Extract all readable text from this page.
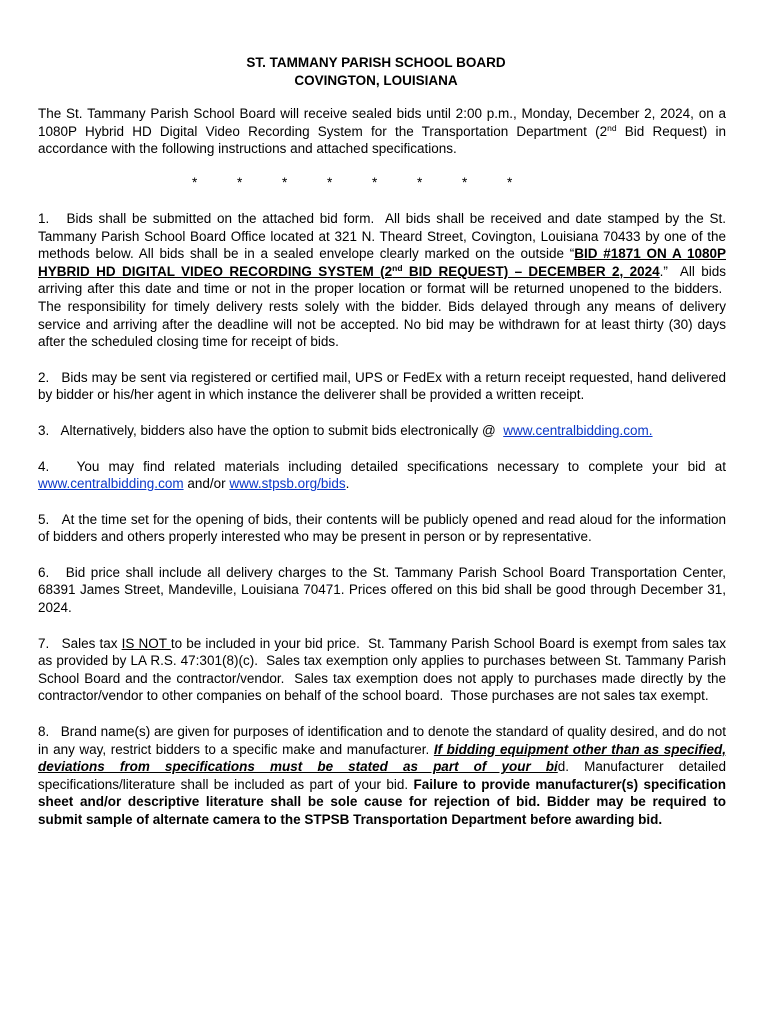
ST. TAMMANY PARISH SCHOOL BOARD
COVINGTON, LOUISIANA

The St. Tammany Parish School Board will receive sealed bids until 2:00 p.m., Monday, December 2, 2024, on a 1080P Hybrid HD Digital Video Recording System for the Transportation Department (2nd Bid Request) in accordance with the following instructions and attached specifications.

*	*	*	*	*	*	*	*

1.   Bids shall be submitted on the attached bid form.  All bids shall be received and date stamped by the St. Tammany Parish School Board Office located at 321 N. Theard Street, Covington, Louisiana 70433 by one of the methods below. All bids shall be in a sealed envelope clearly marked on the outside “BID #1871 ON A 1080P HYBRID HD DIGITAL VIDEO RECORDING SYSTEM (2nd BID REQUEST) – DECEMBER 2, 2024.”  All bids arriving after this date and time or not in the proper location or format will be returned unopened to the bidders.  The responsibility for timely delivery rests solely with the bidder. Bids delayed through any means of delivery service and arriving after the deadline will not be accepted. No bid may be withdrawn for at least thirty (30) days after the scheduled closing time for receipt of bids.

2.   Bids may be sent via registered or certified mail, UPS or FedEx with a return receipt requested, hand delivered by bidder or his/her agent in which instance the deliverer shall be provided a written receipt.

3.   Alternatively, bidders also have the option to submit bids electronically @  www.centralbidding.com.

4.   You may find related materials including detailed specifications necessary to complete your bid at www.centralbidding.com and/or www.stpsb.org/bids.

5.   At the time set for the opening of bids, their contents will be publicly opened and read aloud for the information of bidders and others properly interested who may be present in person or by representative.

6.   Bid price shall include all delivery charges to the St. Tammany Parish School Board Transportation Center, 68391 James Street, Mandeville, Louisiana 70471. Prices offered on this bid shall be good through December 31, 2024.

7.   Sales tax IS NOT to be included in your bid price.  St. Tammany Parish School Board is exempt from sales tax as provided by LA R.S. 47:301(8)(c).  Sales tax exemption only applies to purchases between St. Tammany Parish School Board and the contractor/vendor.  Sales tax exemption does not apply to purchases made directly by the contractor/vendor to other companies on behalf of the school board.  Those purchases are not sales tax exempt.

8.   Brand name(s) are given for purposes of identification and to denote the standard of quality desired, and do not in any way, restrict bidders to a specific make and manufacturer. If bidding equipment other than as specified, deviations from specifications must be stated as part of your bid. Manufacturer detailed specifications/literature shall be included as part of your bid. Failure to provide manufacturer(s) specification sheet and/or descriptive literature shall be sole cause for rejection of bid. Bidder may be required to submit sample of alternate camera to the STPSB Transportation Department before awarding bid.
